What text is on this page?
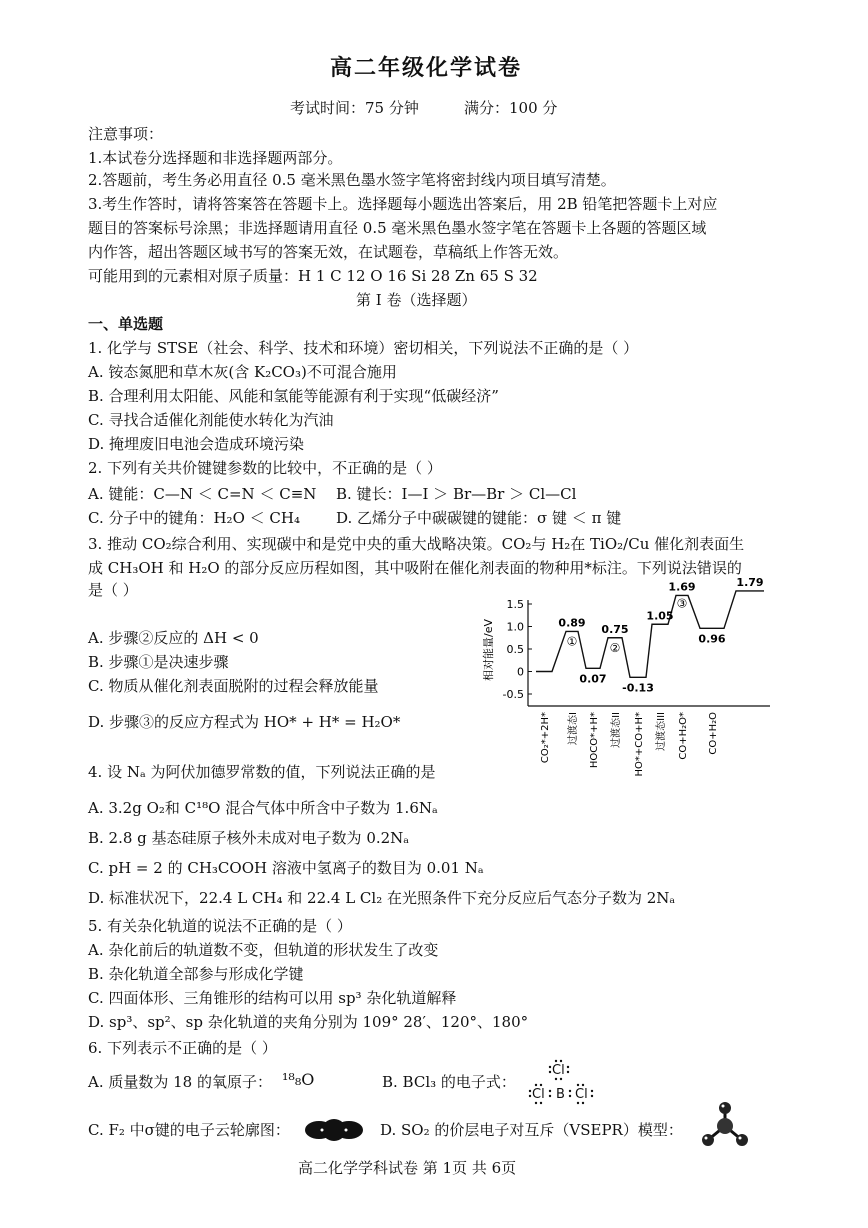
高二年级化学试卷
考试时间：75 分钟	满分：100 分
注意事项：
1.本试卷分选择题和非选择题两部分。
2.答题前，考生务必用直径 0.5 毫米黑色墨水签字笔将密封线内项目填写清楚。
3.考生作答时，请将答案答在答题卡上。选择题每小题选出答案后，用 2B 铅笔把答题卡上对应
题目的答案标号涂黑；非选择题请用直径 0.5 毫米黑色墨水签字笔在答题卡上各题的答题区域
内作答，超出答题区域书写的答案无效，在试题卷，草稿纸上作答无效。
可能用到的元素相对原子质量：H 1 C 12 O 16 Si 28 Zn 65 S 32
第 I 卷（选择题）
一、单选题
1. 化学与 STSE（社会、科学、技术和环境）密切相关，下列说法不正确的是（ ）
A. 铵态氮肥和草木灰(含 K₂CO₃)不可混合施用
B. 合理利用太阳能、风能和氢能等能源有利于实现“低碳经济”
C. 寻找合适催化剂能使水转化为汽油
D. 掩埋废旧电池会造成环境污染
2. 下列有关共价键键参数的比较中，不正确的是（ ）
A. 键能：C—N ＜ C=N ＜ C≡N B. 键长：I—I ＞ Br—Br ＞ Cl—Cl
C. 分子中的键角：H₂O ＜ CH₄ D. 乙烯分子中碳碳键的键能：σ 键 ＜ π 键
3. 推动 CO₂综合利用、实现碳中和是党中央的重大战略决策。CO₂与 H₂在 TiO₂/Cu 催化剂表面生
成 CH₃OH 和 H₂O 的部分反应历程如图，其中吸附在催化剂表面的物种用*标注。下列说法错误的
是（ ）
A. 步骤②反应的 ΔH < 0
B. 步骤①是决速步骤
C. 物质从催化剂表面脱附的过程会释放能量
D. 步骤③的反应方程式为 HO* + H* = H₂O*
相对能量/eV
1.5
1.0
0.5
0
-0.5
0.89
0.07
0.75
-0.13
1.05
1.69
0.96
1.79
①	②
③
CO₂*+2H* 过渡态I HOCO*+H* 过渡态II HO*+CO+H* 过渡态III CO+H₂O* CO+H₂O
4. 设 Nₐ 为阿伏加德罗常数的值，下列说法正确的是
A. 3.2g O₂和 C¹⁸O 混合气体中所含中子数为 1.6Nₐ
B. 2.8 g 基态硅原子核外未成对电子数为 0.2Nₐ
C. pH = 2 的 CH₃COOH 溶液中氢离子的数目为 0.01 Nₐ
D. 标准状况下，22.4 L CH₄ 和 22.4 L Cl₂ 在光照条件下充分反应后气态分子数为 2Nₐ
5. 有关杂化轨道的说法不正确的是（ ）
A. 杂化前后的轨道数不变，但轨道的形状发生了改变
B. 杂化轨道全部参与形成化学键
C. 四面体形、三角锥形的结构可以用 sp³ 杂化轨道解释
D. sp³、sp²、sp 杂化轨道的夹角分别为 109° 28′、120°、180°
6. 下列表示不正确的是（ ）
A. 质量数为 18 的氧原子： ¹⁸₈O	B. BCl₃ 的电子式：
Cl
Cl B Cl
C. F₂ 中σ键的电子云轮廓图：	D. SO₂ 的价层电子对互斥（VSEPR）模型：
高二化学学科试卷 第 1页 共 6页
